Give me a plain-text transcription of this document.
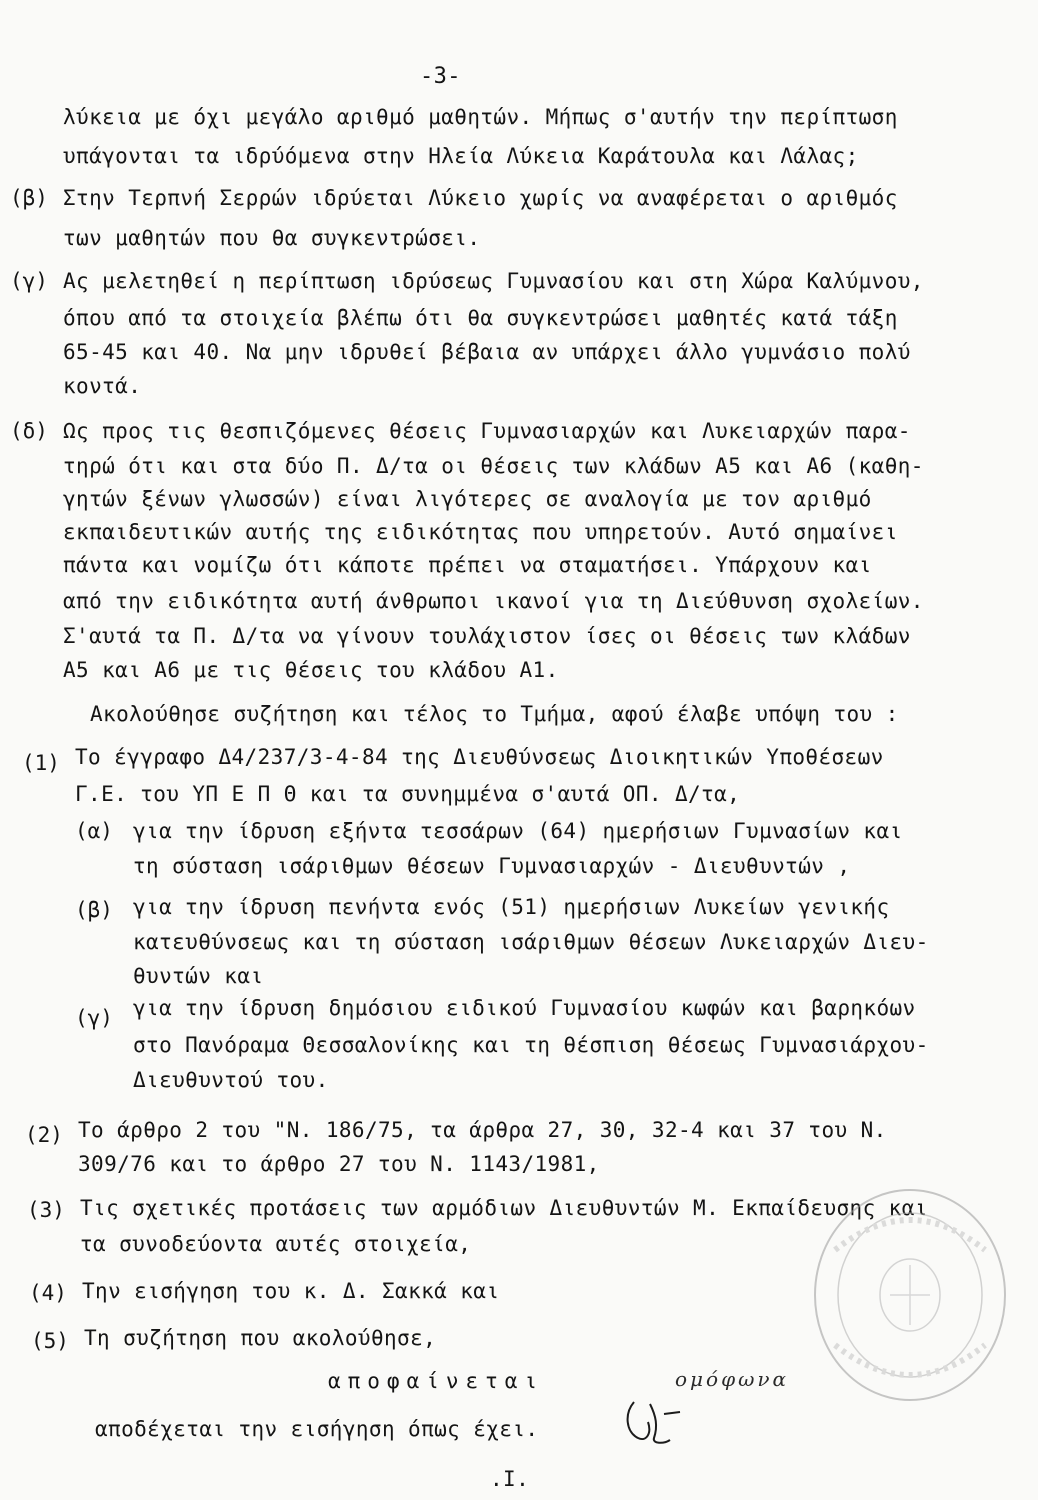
-3-
λύκεια με όχι μεγάλο αριθμό μαθητών. Μήπως σ'αυτήν την περίπτωση
υπάγονται τα ιδρύόμενα στην Ηλεία Λύκεια Καράτουλα και Λάλας;
(β) Στην Τερπνή Σερρών ιδρύεται Λύκειο χωρίς να αναφέρεται ο αριθμός
των μαθητών που θα συγκεντρώσει.
(γ) Ας μελετηθεί η περίπτωση ιδρύσεως Γυμνασίου και στη Χώρα Καλύμνου,
όπου από τα στοιχεία βλέπω ότι θα συγκεντρώσει μαθητές κατά τάξη
65-45 και 40. Να μην ιδρυθεί βέβαια αν υπάρχει άλλο γυμνάσιο πολύ
κοντά.
(δ) Ως προς τις θεσπιζόμενες θέσεις Γυμνασιαρχών και Λυκειαρχών παρα-
τηρώ ότι και στα δύο Π. Δ/τα οι θέσεις των κλάδων Α5 και Α6 (καθη-
γητών ξένων γλωσσών) είναι λιγότερες σε αναλογία με τον αριθμό
εκπαιδευτικών αυτής της ειδικότητας που υπηρετούν. Αυτό σημαίνει
πάντα και νομίζω ότι κάποτε πρέπει να σταματήσει. Υπάρχουν και
από την ειδικότητα αυτή άνθρωποι ικανοί για τη Διεύθυνση σχολείων.
Σ'αυτά τα Π. Δ/τα να γίνουν τουλάχιστον ίσες οι θέσεις των κλάδων
Α5 και Α6 με τις θέσεις του κλάδου Α1.
Ακολούθησε συζήτηση και τέλος το Τμήμα, αφού έλαβε υπόψη του :
(1) Το έγγραφο Δ4/237/3-4-84 της Διευθύνσεως Διοικητικών Υποθέσεων
Γ.Ε. του ΥΠ Ε Π Θ και τα συνημμένα σ'αυτά ΟΠ. Δ/τα,
(α) για την ίδρυση εξήντα τεσσάρων (64) ημερήσιων Γυμνασίων και
τη σύσταση ισάριθμων θέσεων Γυμνασιαρχών - Διευθυντών ,
(β) για την ίδρυση πενήντα ενός (51) ημερήσιων Λυκείων γενικής
κατευθύνσεως και τη σύσταση ισάριθμων θέσεων Λυκειαρχών Διευ-
θυντών και
(γ) για την ίδρυση δημόσιου ειδικού Γυμνασίου κωφών και βαρηκόων
στο Πανόραμα Θεσσαλονίκης και τη θέσπιση θέσεως Γυμνασιάρχου-
Διευθυντού του.
(2) Το άρθρο 2 του "Ν. 186/75, τα άρθρα 27, 30, 32-4 και 37 του Ν.
309/76 και το άρθρο 27 του Ν. 1143/1981,
(3) Τις σχετικές προτάσεις των αρμόδιων Διευθυντών Μ. Εκπαίδευσης και
τα συνοδεύοντα αυτές στοιχεία,
(4) Την εισήγηση του κ. Δ. Σακκά και
(5) Τη συζήτηση που ακολούθησε,
αποφαίνεται	ομόφωνα
αποδέχεται την εισήγηση όπως έχει.
.Ι.
